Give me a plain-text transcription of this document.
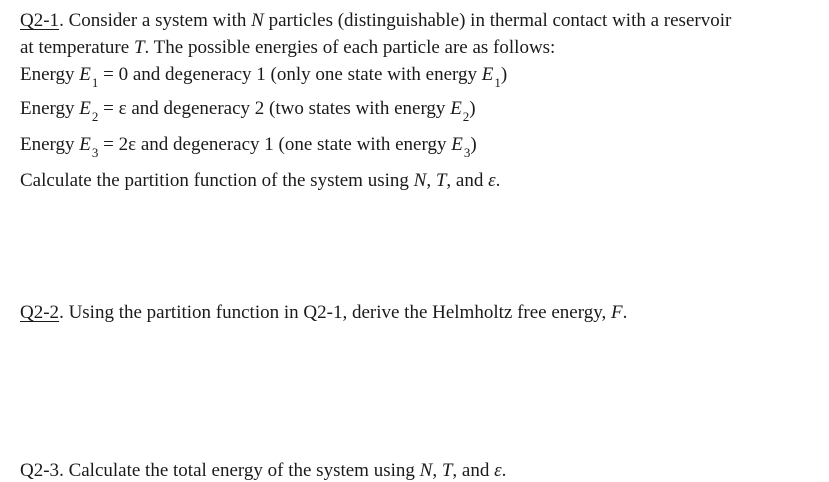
Q2-1. Consider a system with N particles (distinguishable) in thermal contact with a reservoir
at temperature T. The possible energies of each particle are as follows:
Energy $E_1 = 0$ and degeneracy 1 (only one state with energy $E_1$)
Energy $E_2 = \varepsilon$ and degeneracy 2 (two states with energy $E_2$)
Energy $E_3 = 2\varepsilon$ and degeneracy 1 (one state with energy $E_3$)
Calculate the partition function of the system using N, T, and ε.
Q2-2. Using the partition function in Q2-1, derive the Helmholtz free energy, F.
Q2-3. Calculate the total energy of the system using N, T, and ε.
